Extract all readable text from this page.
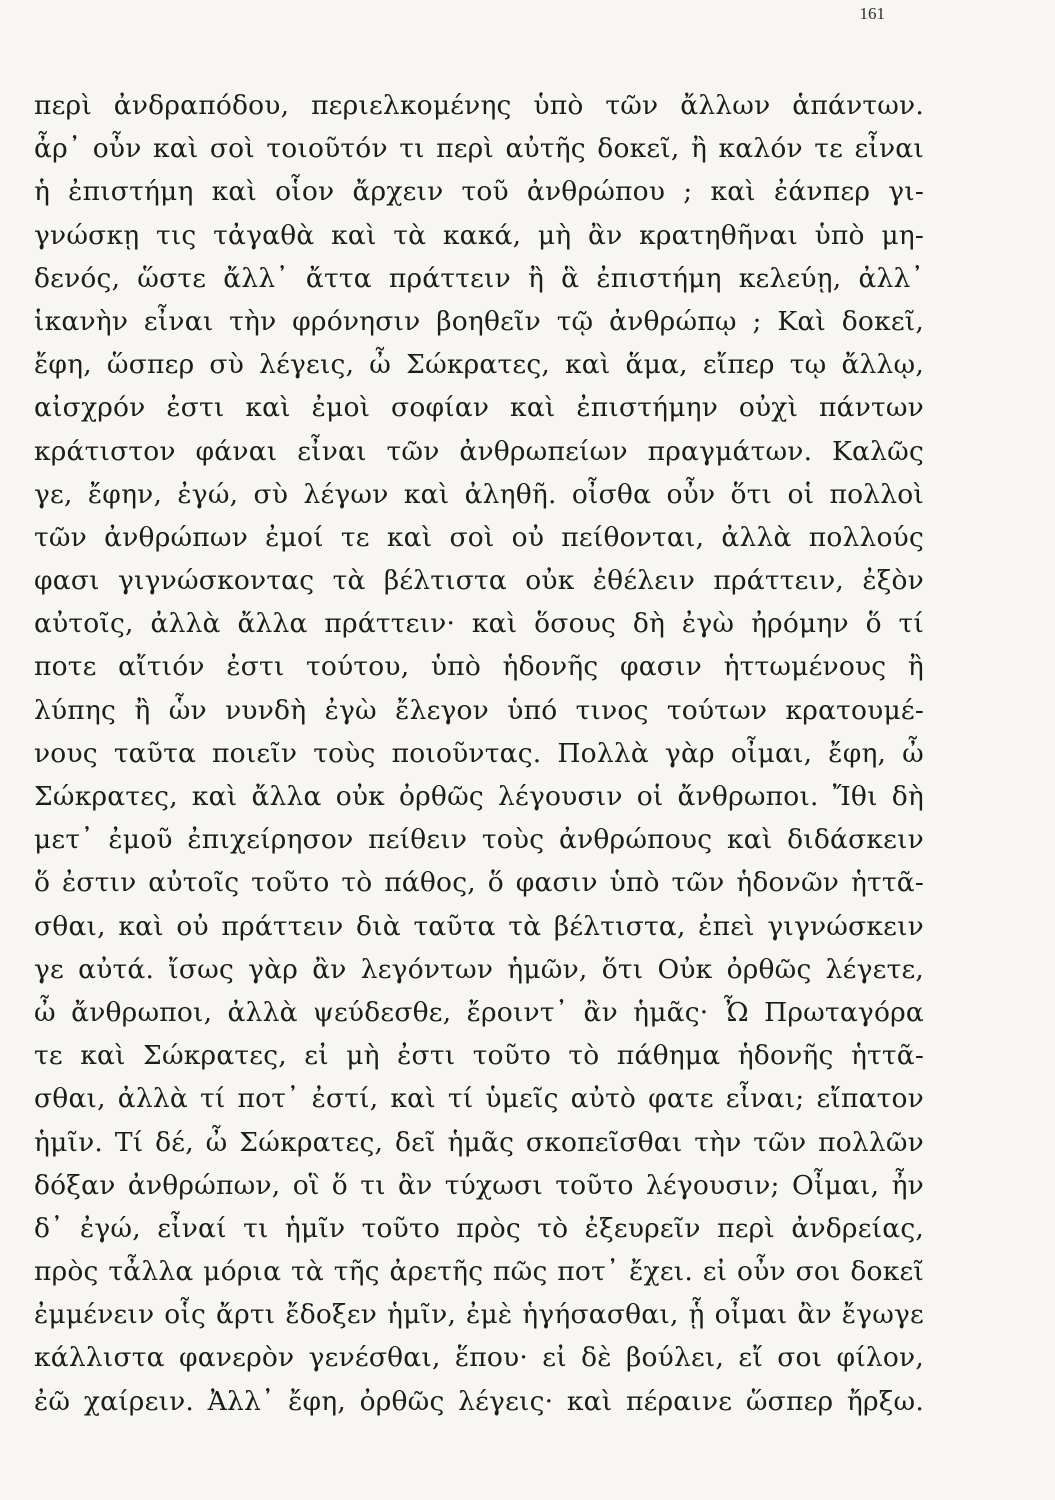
161
περὶ ἀνδραπόδου, περιελκομένης ὑπὸ τῶν ἄλλων ἁπάντων.
ἆρ᾽ οὖν καὶ σοὶ τοιοῦτόν τι περὶ αὐτῆς δοκεῖ, ἢ καλόν τε εἶναι
ἡ ἐπιστήμη καὶ οἷον ἄρχειν τοῦ ἀνθρώπου ; καὶ ἐάνπερ γι-
γνώσκῃ τις τἀγαθὰ καὶ τὰ κακά, μὴ ἂν κρατηθῆναι ὑπὸ μη-
δενός, ὥστε ἄλλ᾽ ἄττα πράττειν ἢ ἃ ἐπιστήμη κελεύῃ, ἀλλ᾽
ἱκανὴν εἶναι τὴν φρόνησιν βοηθεῖν τῷ ἀνθρώπῳ ; Καὶ δοκεῖ,
ἔφη, ὥσπερ σὺ λέγεις, ὦ Σώκρατες, καὶ ἅμα, εἴπερ τῳ ἄλλῳ,
αἰσχρόν ἐστι καὶ ἐμοὶ σοφίαν καὶ ἐπιστήμην οὐχὶ πάντων
κράτιστον φάναι εἶναι τῶν ἀνθρωπείων πραγμάτων. Καλῶς
γε, ἔφην, ἐγώ, σὺ λέγων καὶ ἀληθῆ. οἶσθα οὖν ὅτι οἱ πολλοὶ
τῶν ἀνθρώπων ἐμοί τε καὶ σοὶ οὐ πείθονται, ἀλλὰ πολλούς
φασι γιγνώσκοντας τὰ βέλτιστα οὐκ ἐθέλειν πράττειν, ἐξὸν
αὐτοῖς, ἀλλὰ ἄλλα πράττειν· καὶ ὅσους δὴ ἐγὼ ἠρόμην ὅ τί
ποτε αἴτιόν ἐστι τούτου, ὑπὸ ἡδονῆς φασιν ἡττωμένους ἢ
λύπης ἢ ὧν νυνδὴ ἐγὼ ἔλεγον ὑπό τινος τούτων κρατουμέ-
νους ταῦτα ποιεῖν τοὺς ποιοῦντας. Πολλὰ γὰρ οἶμαι, ἔφη, ὦ
Σώκρατες, καὶ ἄλλα οὐκ ὀρθῶς λέγουσιν οἱ ἄνθρωποι. Ἴθι δὴ
μετ᾽ ἐμοῦ ἐπιχείρησον πείθειν τοὺς ἀνθρώπους καὶ διδάσκειν
ὅ ἐστιν αὐτοῖς τοῦτο τὸ πάθος, ὅ φασιν ὑπὸ τῶν ἡδονῶν ἡττᾶ-
σθαι, καὶ οὐ πράττειν διὰ ταῦτα τὰ βέλτιστα, ἐπεὶ γιγνώσκειν
γε αὐτά. ἴσως γὰρ ἂν λεγόντων ἡμῶν, ὅτι Οὐκ ὀρθῶς λέγετε,
ὦ ἄνθρωποι, ἀλλὰ ψεύδεσθε, ἔροιντ᾽ ἂν ἡμᾶς· Ὦ Πρωταγόρα
τε καὶ Σώκρατες, εἰ μὴ ἐστι τοῦτο τὸ πάθημα ἡδονῆς ἡττᾶ-
σθαι, ἀλλὰ τί ποτ᾽ ἐστί, καὶ τί ὑμεῖς αὐτὸ φατε εἶναι; εἴπατον
ἡμῖν. Τί δέ, ὦ Σώκρατες, δεῖ ἡμᾶς σκοπεῖσθαι τὴν τῶν πολλῶν
δόξαν ἀνθρώπων, οἳ ὅ τι ἂν τύχωσι τοῦτο λέγουσιν; Οἶμαι, ἦν
δ᾽ ἐγώ, εἶναί τι ἡμῖν τοῦτο πρὸς τὸ ἐξευρεῖν περὶ ἀνδρείας,
πρὸς τἆλλα μόρια τὰ τῆς ἀρετῆς πῶς ποτ᾽ ἔχει. εἰ οὖν σοι δοκεῖ
ἐμμένειν οἷς ἄρτι ἔδοξεν ἡμῖν, ἐμὲ ἡγήσασθαι, ᾗ οἶμαι ἂν ἔγωγε
κάλλιστα φανερὸν γενέσθαι, ἕπου· εἰ δὲ βούλει, εἴ σοι φίλον,
ἐῶ χαίρειν. Ἀλλ᾽ ἔφη, ὀρθῶς λέγεις· καὶ πέραινε ὥσπερ ἤρξω.
